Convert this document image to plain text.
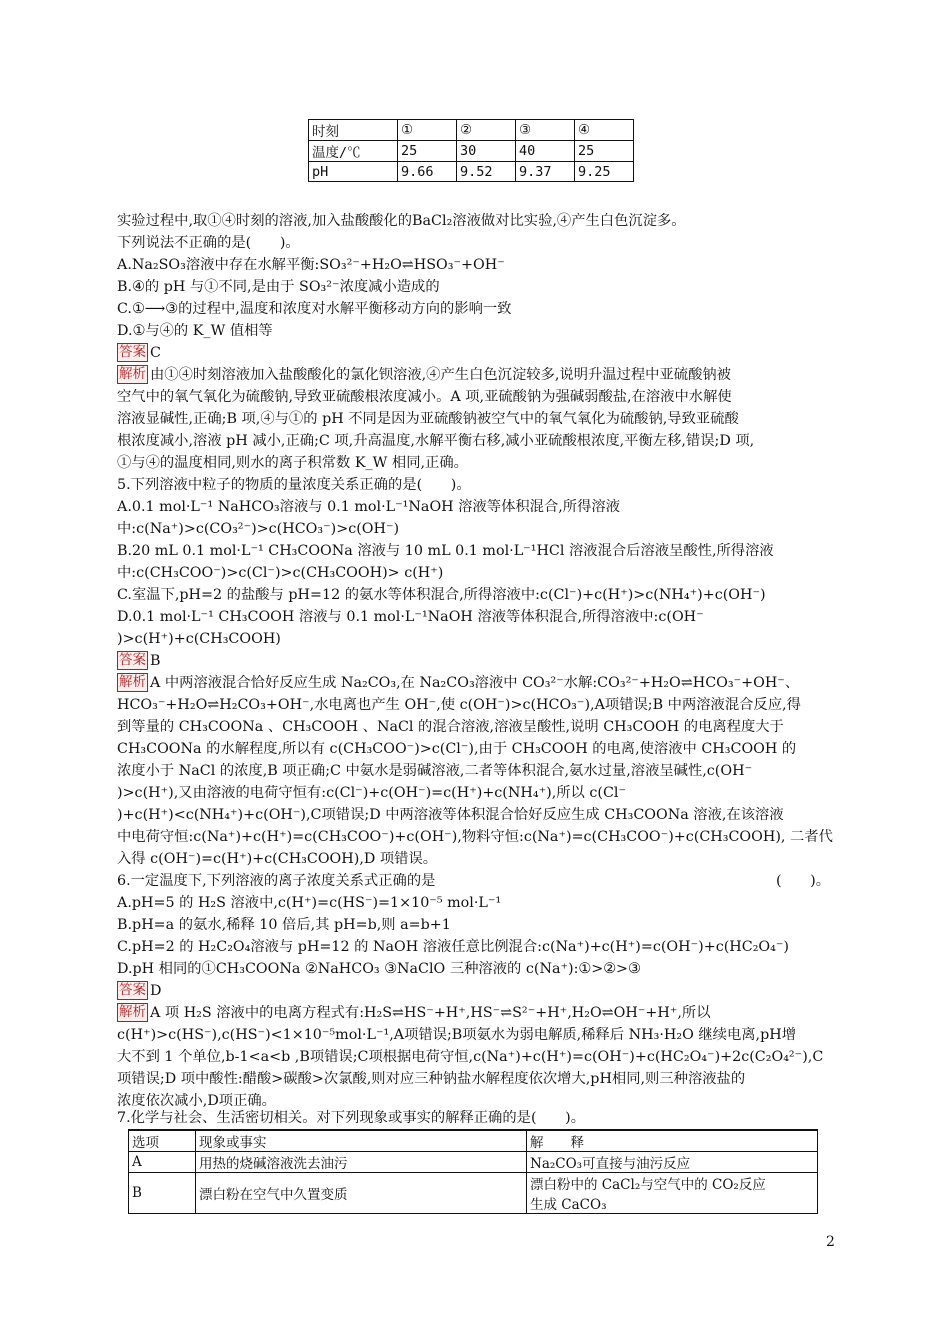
时刻	①	②	③	④
温度/℃	25	30	40	25
pH	9.66	9.52	9.37	9.25
实验过程中,取①④时刻的溶液,加入盐酸酸化的BaCl₂溶液做对比实验,④产生白色沉淀多。
下列说法不正确的是(　　)。
A.Na₂SO₃溶液中存在水解平衡:SO₃²⁻+H₂O⇌HSO₃⁻+OH⁻
B.④的 pH 与①不同,是由于 SO₃²⁻浓度减小造成的
C.①⟶③的过程中,温度和浓度对水解平衡移动方向的影响一致
D.①与④的 K_W 值相等
答案 C
解析 由①④时刻溶液加入盐酸酸化的氯化钡溶液,④产生白色沉淀较多,说明升温过程中亚硫酸钠被
空气中的氧气氧化为硫酸钠,导致亚硫酸根浓度减小。A 项,亚硫酸钠为强碱弱酸盐,在溶液中水解使
溶液显碱性,正确;B 项,④与①的 pH 不同是因为亚硫酸钠被空气中的氧气氧化为硫酸钠,导致亚硫酸
根浓度减小,溶液 pH 减小,正确;C 项,升高温度,水解平衡右移,减小亚硫酸根浓度,平衡左移,错误;D 项,
①与④的温度相同,则水的离子积常数 K_W 相同,正确。
5.下列溶液中粒子的物质的量浓度关系正确的是(　　)。
A.0.1 mol·L⁻¹ NaHCO₃溶液与 0.1 mol·L⁻¹NaOH 溶液等体积混合,所得溶液
中:c(Na⁺)>c(CO₃²⁻)>c(HCO₃⁻)>c(OH⁻)
B.20 mL 0.1 mol·L⁻¹ CH₃COONa 溶液与 10 mL 0.1 mol·L⁻¹HCl 溶液混合后溶液呈酸性,所得溶液
中:c(CH₃COO⁻)>c(Cl⁻)>c(CH₃COOH)> c(H⁺)
C.室温下,pH=2 的盐酸与 pH=12 的氨水等体积混合,所得溶液中:c(Cl⁻)+c(H⁺)>c(NH₄⁺)+c(OH⁻)
D.0.1 mol·L⁻¹ CH₃COOH 溶液与 0.1 mol·L⁻¹NaOH 溶液等体积混合,所得溶液中:c(OH⁻
)>c(H⁺)+c(CH₃COOH)
答案 B
解析 A 中两溶液混合恰好反应生成 Na₂CO₃,在 Na₂CO₃溶液中 CO₃²⁻水解:CO₃²⁻+H₂O⇌HCO₃⁻+OH⁻、
HCO₃⁻+H₂O⇌H₂CO₃+OH⁻,水电离也产生 OH⁻,使 c(OH⁻)>c(HCO₃⁻),A项错误;B 中两溶液混合反应,得
到等量的 CH₃COONa 、CH₃COOH 、NaCl 的混合溶液,溶液呈酸性,说明 CH₃COOH 的电离程度大于
CH₃COONa 的水解程度,所以有 c(CH₃COO⁻)>c(Cl⁻),由于 CH₃COOH 的电离,使溶液中 CH₃COOH 的
浓度小于 NaCl 的浓度,B 项正确;C 中氨水是弱碱溶液,二者等体积混合,氨水过量,溶液呈碱性,c(OH⁻
)>c(H⁺),又由溶液的电荷守恒有:c(Cl⁻)+c(OH⁻)=c(H⁺)+c(NH₄⁺),所以 c(Cl⁻
)+c(H⁺)<c(NH₄⁺)+c(OH⁻),C项错误;D 中两溶液等体积混合恰好反应生成 CH₃COONa 溶液,在该溶液
中电荷守恒:c(Na⁺)+c(H⁺)=c(CH₃COO⁻)+c(OH⁻),物料守恒:c(Na⁺)=c(CH₃COO⁻)+c(CH₃COOH), 二者代
入得 c(OH⁻)=c(H⁺)+c(CH₃COOH),D 项错误。
6.一定温度下,下列溶液的离子浓度关系式正确的是	(　　)。
A.pH=5 的 H₂S 溶液中,c(H⁺)=c(HS⁻)=1×10⁻⁵ mol·L⁻¹
B.pH=a 的氨水,稀释 10 倍后,其 pH=b,则 a=b+1
C.pH=2 的 H₂C₂O₄溶液与 pH=12 的 NaOH 溶液任意比例混合:c(Na⁺)+c(H⁺)=c(OH⁻)+c(HC₂O₄⁻)
D.pH 相同的①CH₃COONa ②NaHCO₃ ③NaClO 三种溶液的 c(Na⁺):①>②>③
答案 D
解析 A 项 H₂S 溶液中的电离方程式有:H₂S⇌HS⁻+H⁺,HS⁻⇌S²⁻+H⁺,H₂O⇌OH⁻+H⁺,所以
c(H⁺)>c(HS⁻),c(HS⁻)<1×10⁻⁵mol·L⁻¹,A项错误;B项氨水为弱电解质,稀释后 NH₃·H₂O 继续电离,pH增
大不到 1 个单位,b-1<a<b ,B项错误;C项根据电荷守恒,c(Na⁺)+c(H⁺)=c(OH⁻)+c(HC₂O₄⁻)+2c(C₂O₄²⁻),C
项错误;D 项中酸性:醋酸>碳酸>次氯酸,则对应三种钠盐水解程度依次增大,pH相同,则三种溶液盐的
浓度依次减小,D项正确。
7.化学与社会、生活密切相关。对下列现象或事实的解释正确的是(　　)。
选项	现象或事实	解　　释
A	用热的烧碱溶液洗去油污	Na₂CO₃可直接与油污反应
B	漂白粉在空气中久置变质	漂白粉中的 CaCl₂与空气中的 CO₂反应
生成 CaCO₃
2
